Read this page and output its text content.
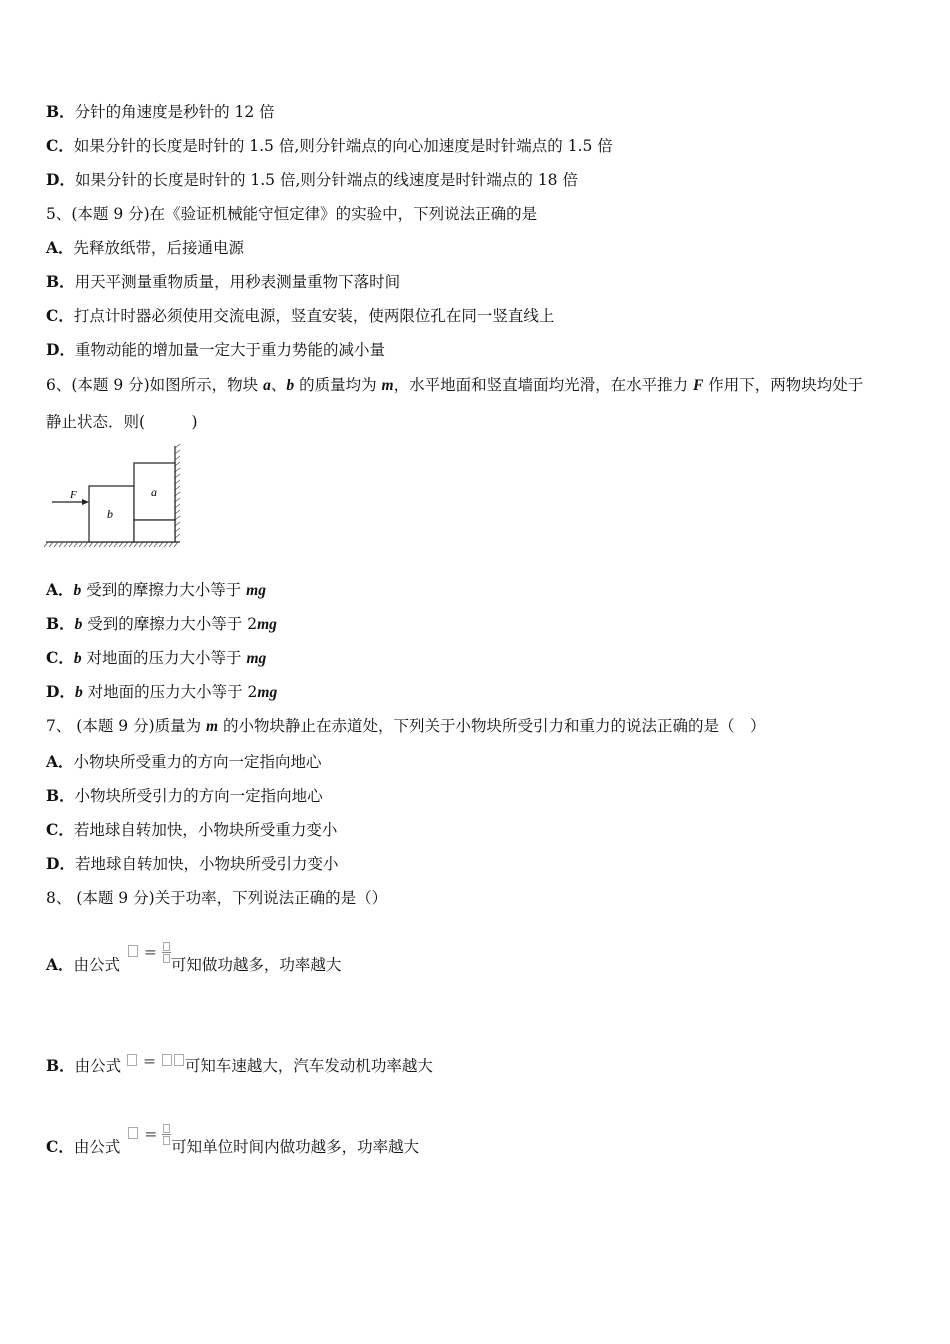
B．分针的角速度是秒针的 12 倍
C．如果分针的长度是时针的 1.5 倍,则分针端点的向心加速度是时针端点的 1.5 倍
D．如果分针的长度是时针的 1.5 倍,则分针端点的线速度是时针端点的 18 倍
5、(本题 9 分)在《验证机械能守恒定律》的实验中，下列说法正确的是
A．先释放纸带，后接通电源
B．用天平测量重物质量，用秒表测量重物下落时间
C．打点计时器必须使用交流电源，竖直安装，使两限位孔在同一竖直线上
D．重物动能的增加量一定大于重力势能的减小量
6、(本题 9 分)如图所示，物块 a、b 的质量均为 m，水平地面和竖直墙面均光滑，在水平推力 F 作用下，两物块均处于
静止状态．则(　　　)
F
b
a
A．b 受到的摩擦力大小等于 mg
B．b 受到的摩擦力大小等于 2mg
C．b 对地面的压力大小等于 mg
D．b 对地面的压力大小等于 2mg
7、 (本题 9 分)质量为 m 的小物块静止在赤道处，下列关于小物块所受引力和重力的说法正确的是（　）
A．小物块所受重力的方向一定指向地心
B．小物块所受引力的方向一定指向地心
C．若地球自转加快，小物块所受重力变小
D．若地球自转加快，小物块所受引力变小
8、 (本题 9 分)关于功率，下列说法正确的是（）
A．由公式  =
可知做功越多，功率越大
B．由公式  = 可知车速越大，汽车发动机功率越大
C．由公式  =
可知单位时间内做功越多，功率越大
